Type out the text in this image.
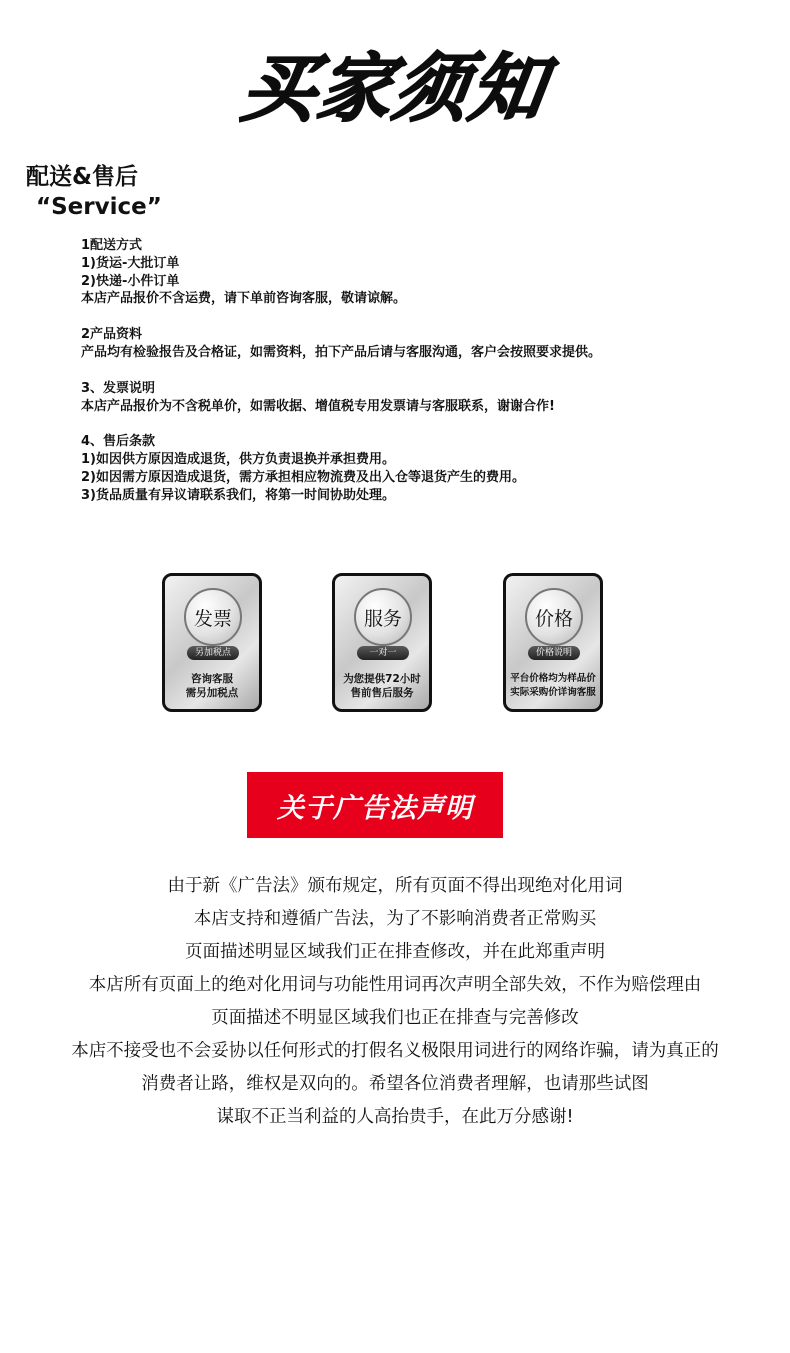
买家须知
配送&售后
“Service”
1配送方式
1)货运-大批订单
2)快递-小件订单
本店产品报价不含运费，请下单前咨询客服，敬请谅解。
2产品资料
产品均有检验报告及合格证，如需资料，拍下产品后请与客服沟通，客户会按照要求提供。
3、发票说明
本店产品报价为不含税单价，如需收据、增值税专用发票请与客服联系，谢谢合作!
4、售后条款
1)如因供方原因造成退货，供方负责退换并承担费用。
2)如因需方原因造成退货，需方承担相应物流费及出入仓等退货产生的费用。
3)货品质量有异议请联系我们，将第一时间协助处理。
发票
另加税点
咨询客服
需另加税点
服务
一对一
为您提供72小时
售前售后服务
价格
价格说明
平台价格均为样品价
实际采购价详询客服
关于广告法声明
由于新《广告法》颁布规定，所有页面不得出现绝对化用词
本店支持和遵循广告法，为了不影响消费者正常购买
页面描述明显区域我们正在排查修改，并在此郑重声明
本店所有页面上的绝对化用词与功能性用词再次声明全部失效，不作为赔偿理由
页面描述不明显区域我们也正在排查与完善修改
本店不接受也不会妥协以任何形式的打假名义极限用词进行的网络诈骗，请为真正的
消费者让路，维权是双向的。希望各位消费者理解，也请那些试图
谋取不正当利益的人高抬贵手，在此万分感谢!
